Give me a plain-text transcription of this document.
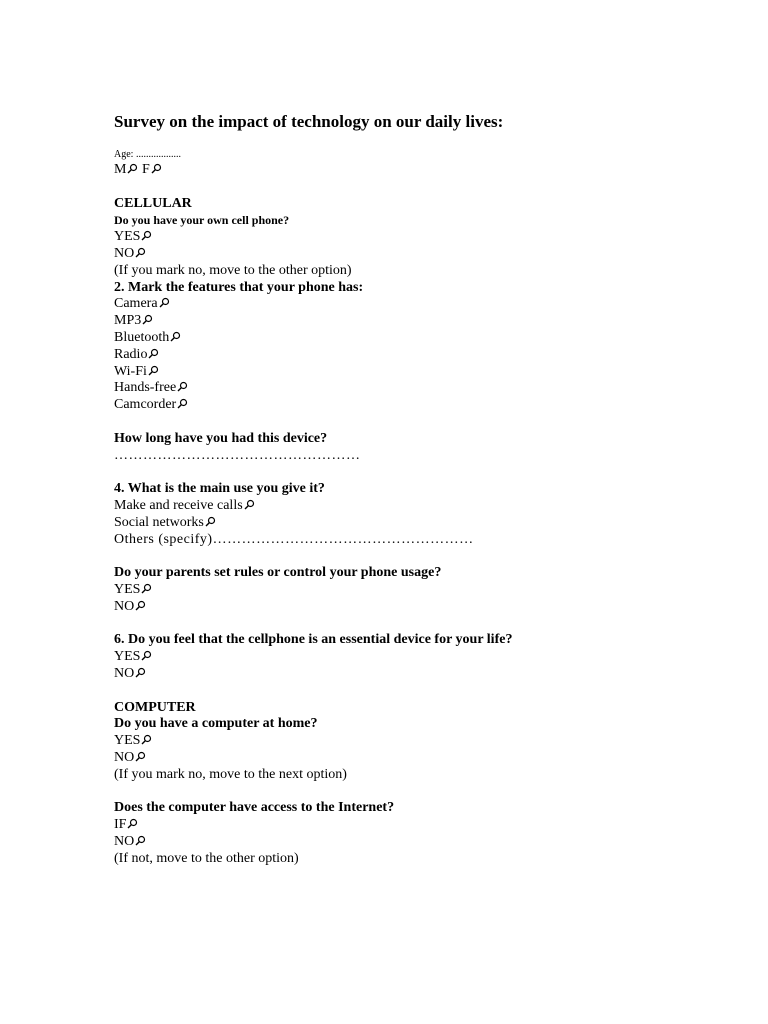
Survey on the impact of technology on our daily lives:
Age: ..................
M F
CELLULAR
Do you have your own cell phone?
YES
NO
(If you mark no, move to the other option)
2. Mark the features that your phone has:
Camera
MP3
Bluetooth
Radio
Wi-Fi
Hands-free
Camcorder
How long have you had this device?
……………………………………………
4. What is the main use you give it?
Make and receive calls
Social networks
Others (specify)………………………………………………
Do your parents set rules or control your phone usage?
YES
NO
6. Do you feel that the cellphone is an essential device for your life?
YES
NO
COMPUTER
Do you have a computer at home?
YES
NO
(If you mark no, move to the next option)
Does the computer have access to the Internet?
IF
NO
(If not, move to the other option)
